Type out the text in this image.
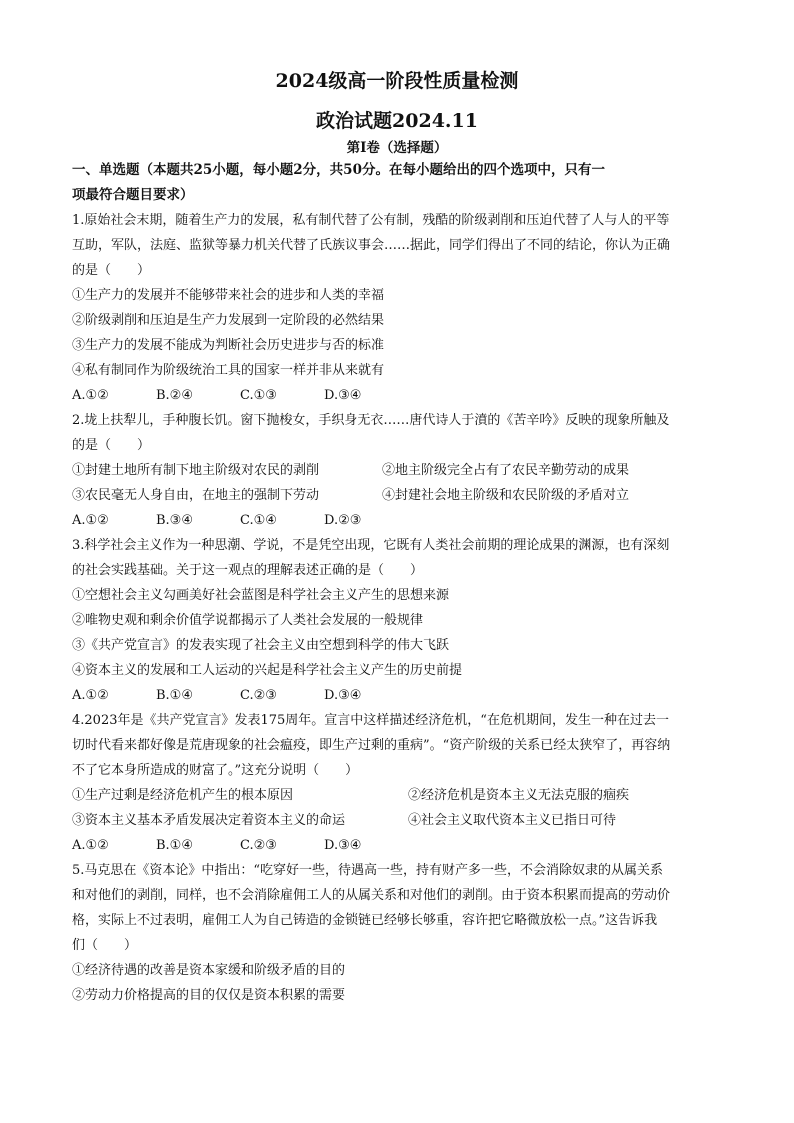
2024级高一阶段性质量检测
政治试题2024.11
第Ⅰ卷（选择题）
一、单选题（本题共25小题，每小题2分，共50分。在每小题给出的四个选项中，只有一
项最符合题目要求）
1.原始社会末期，随着生产力的发展，私有制代替了公有制，残酷的阶级剥削和压迫代替了人与人的平等
互助，军队，法庭、监狱等暴力机关代替了氏族议事会……据此，同学们得出了不同的结论，你认为正确
的是（　　）
①生产力的发展并不能够带来社会的进步和人类的幸福
②阶级剥削和压迫是生产力发展到一定阶段的必然结果
③生产力的发展不能成为判断社会历史进步与否的标准
④私有制同作为阶级统治工具的国家一样并非从来就有
A.①②	B.②④	C.①③	D.③④
2.垅上扶犁儿，手种腹长饥。窗下抛梭女，手织身无衣……唐代诗人于濆的《苦辛吟》反映的现象所触及
的是（　　）
①封建土地所有制下地主阶级对农民的剥削	②地主阶级完全占有了农民辛勤劳动的成果
③农民毫无人身自由，在地主的强制下劳动	④封建社会地主阶级和农民阶级的矛盾对立
A.①②	B.③④	C.①④	D.②③
3.科学社会主义作为一种思潮、学说，不是凭空出现，它既有人类社会前期的理论成果的渊源，也有深刻
的社会实践基础。关于这一观点的理解表述正确的是（　　）
①空想社会主义勾画美好社会蓝图是科学社会主义产生的思想来源
②唯物史观和剩余价值学说都揭示了人类社会发展的一般规律
③《共产党宣言》的发表实现了社会主义由空想到科学的伟大飞跃
④资本主义的发展和工人运动的兴起是科学社会主义产生的历史前提
A.①②	B.①④	C.②③	D.③④
4.2023年是《共产党宣言》发表175周年。宣言中这样描述经济危机，“在危机期间，发生一种在过去一
切时代看来都好像是荒唐现象的社会瘟疫，即生产过剩的重病”。“资产阶级的关系已经太狭窄了，再容纳
不了它本身所造成的财富了。”这充分说明（　　）
①生产过剩是经济危机产生的根本原因	②经济危机是资本主义无法克服的痼疾
③资本主义基本矛盾发展决定着资本主义的命运	④社会主义取代资本主义已指日可待
A.①②	B.①④	C.②③	D.③④
5.马克思在《资本论》中指出：“吃穿好一些，待遇高一些，持有财产多一些，不会消除奴隶的从属关系
和对他们的剥削，同样，也不会消除雇佣工人的从属关系和对他们的剥削。由于资本积累而提高的劳动价
格，实际上不过表明，雇佣工人为自己铸造的金锁链已经够长够重，容许把它略微放松一点。”这告诉我
们（　　）
①经济待遇的改善是资本家缓和阶级矛盾的目的
②劳动力价格提高的目的仅仅是资本积累的需要
